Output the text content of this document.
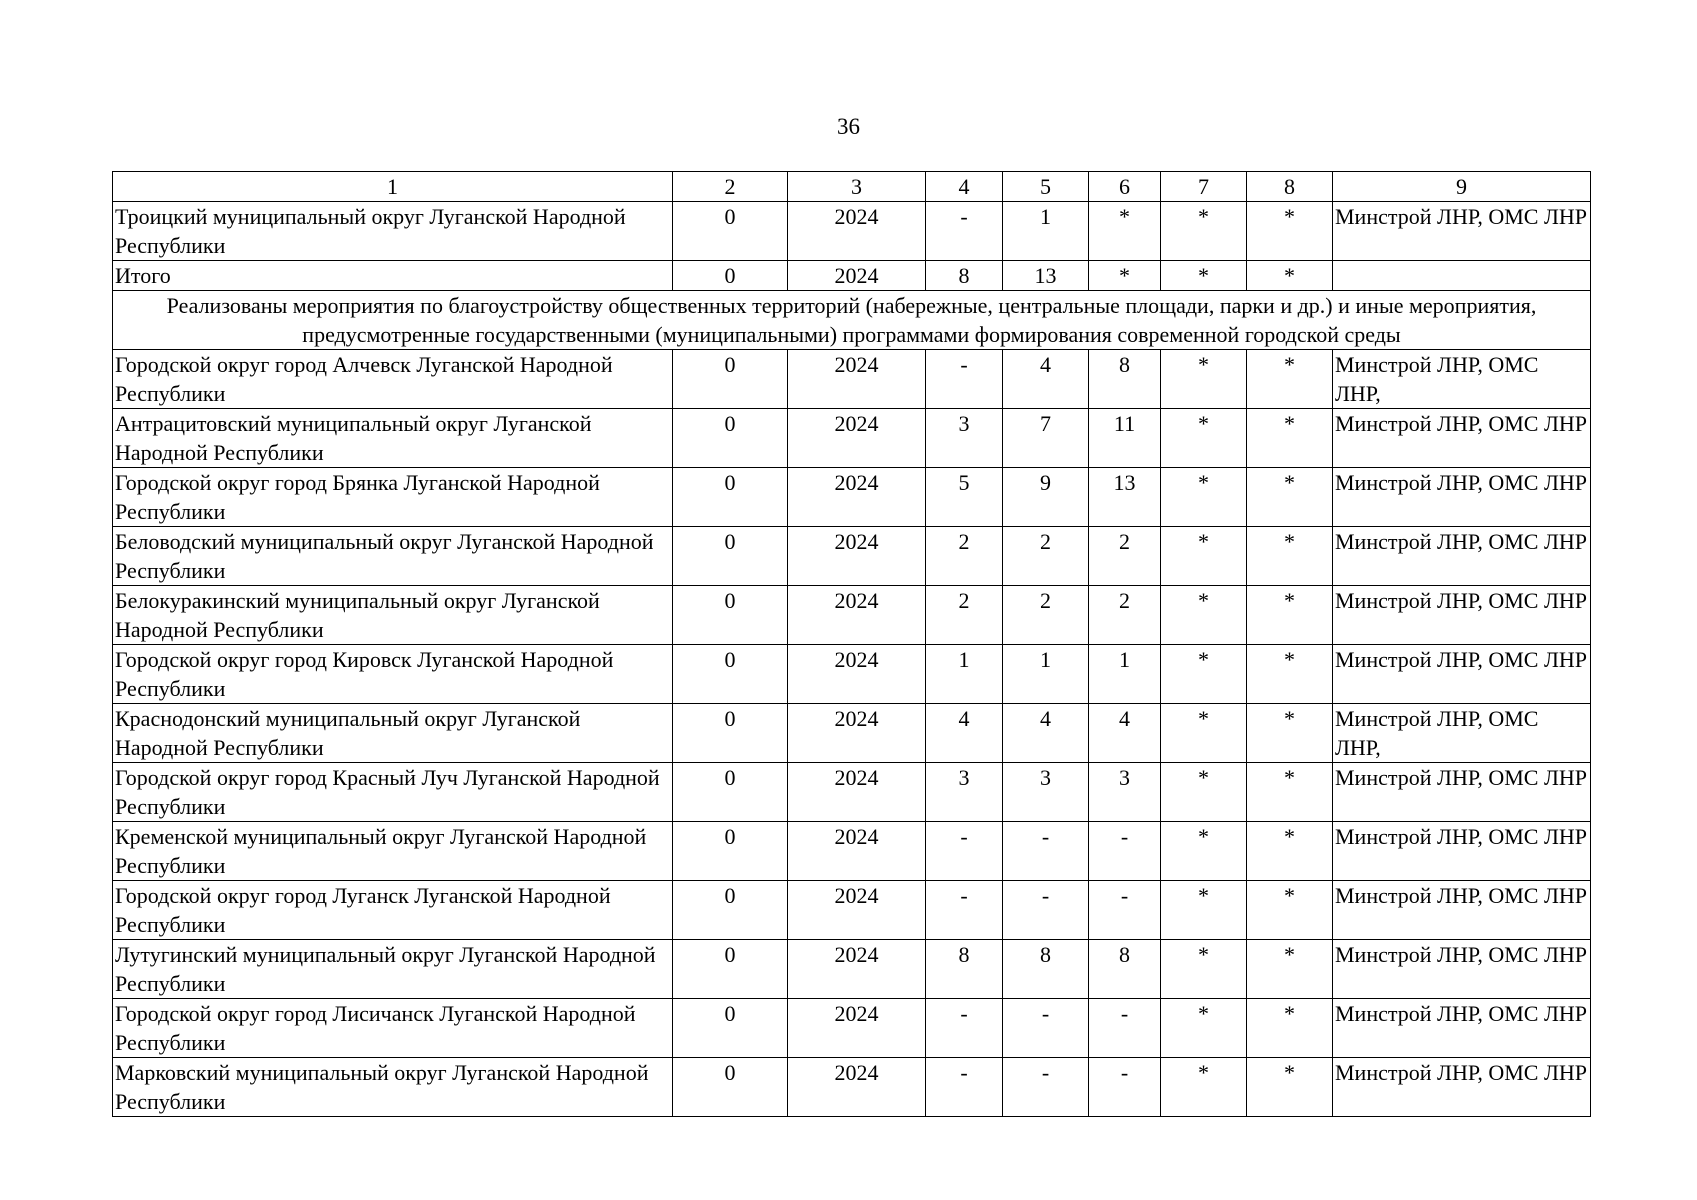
36
1	2	3	4	5	6	7	8	9
Троицкий муниципальный округ Луганской Народной Республики	0	2024	-	1	*	*	*	Минстрой ЛНР, ОМС ЛНР
Итого	0	2024	8	13	*	*	*	
Реализованы мероприятия по благоустройству общественных территорий (набережные, центральные площади, парки и др.) и иные мероприятия, предусмотренные государственными (муниципальными) программами формирования современной городской среды								
Городской округ город Алчевск Луганской Народной Республики	0	2024	-	4	8	*	*	Минстрой ЛНР, ОМС ЛНР,
Антрацитовский муниципальный округ Луганской Народной Республики	0	2024	3	7	11	*	*	Минстрой ЛНР, ОМС ЛНР
Городской округ город Брянка Луганской Народной Республики	0	2024	5	9	13	*	*	Минстрой ЛНР, ОМС ЛНР
Беловодский муниципальный округ Луганской Народной Республики	0	2024	2	2	2	*	*	Минстрой ЛНР, ОМС ЛНР
Белокуракинский муниципальный округ Луганской Народной Республики	0	2024	2	2	2	*	*	Минстрой ЛНР, ОМС ЛНР
Городской округ город Кировск Луганской Народной Республики	0	2024	1	1	1	*	*	Минстрой ЛНР, ОМС ЛНР
Краснодонский муниципальный округ Луганской Народной Республики	0	2024	4	4	4	*	*	Минстрой ЛНР, ОМС ЛНР,
Городской округ город Красный Луч Луганской Народной Республики	0	2024	3	3	3	*	*	Минстрой ЛНР, ОМС ЛНР
Кременской муниципальный округ Луганской Народной Республики	0	2024	-	-	-	*	*	Минстрой ЛНР, ОМС ЛНР
Городской округ город Луганск Луганской Народной Республики	0	2024	-	-	-	*	*	Минстрой ЛНР, ОМС ЛНР
Лутугинский муниципальный округ Луганской Народной Республики	0	2024	8	8	8	*	*	Минстрой ЛНР, ОМС ЛНР
Городской округ город Лисичанск Луганской Народной Республики	0	2024	-	-	-	*	*	Минстрой ЛНР, ОМС ЛНР
Марковский муниципальный округ Луганской Народной Республики	0	2024	-	-	-	*	*	Минстрой ЛНР, ОМС ЛНР
